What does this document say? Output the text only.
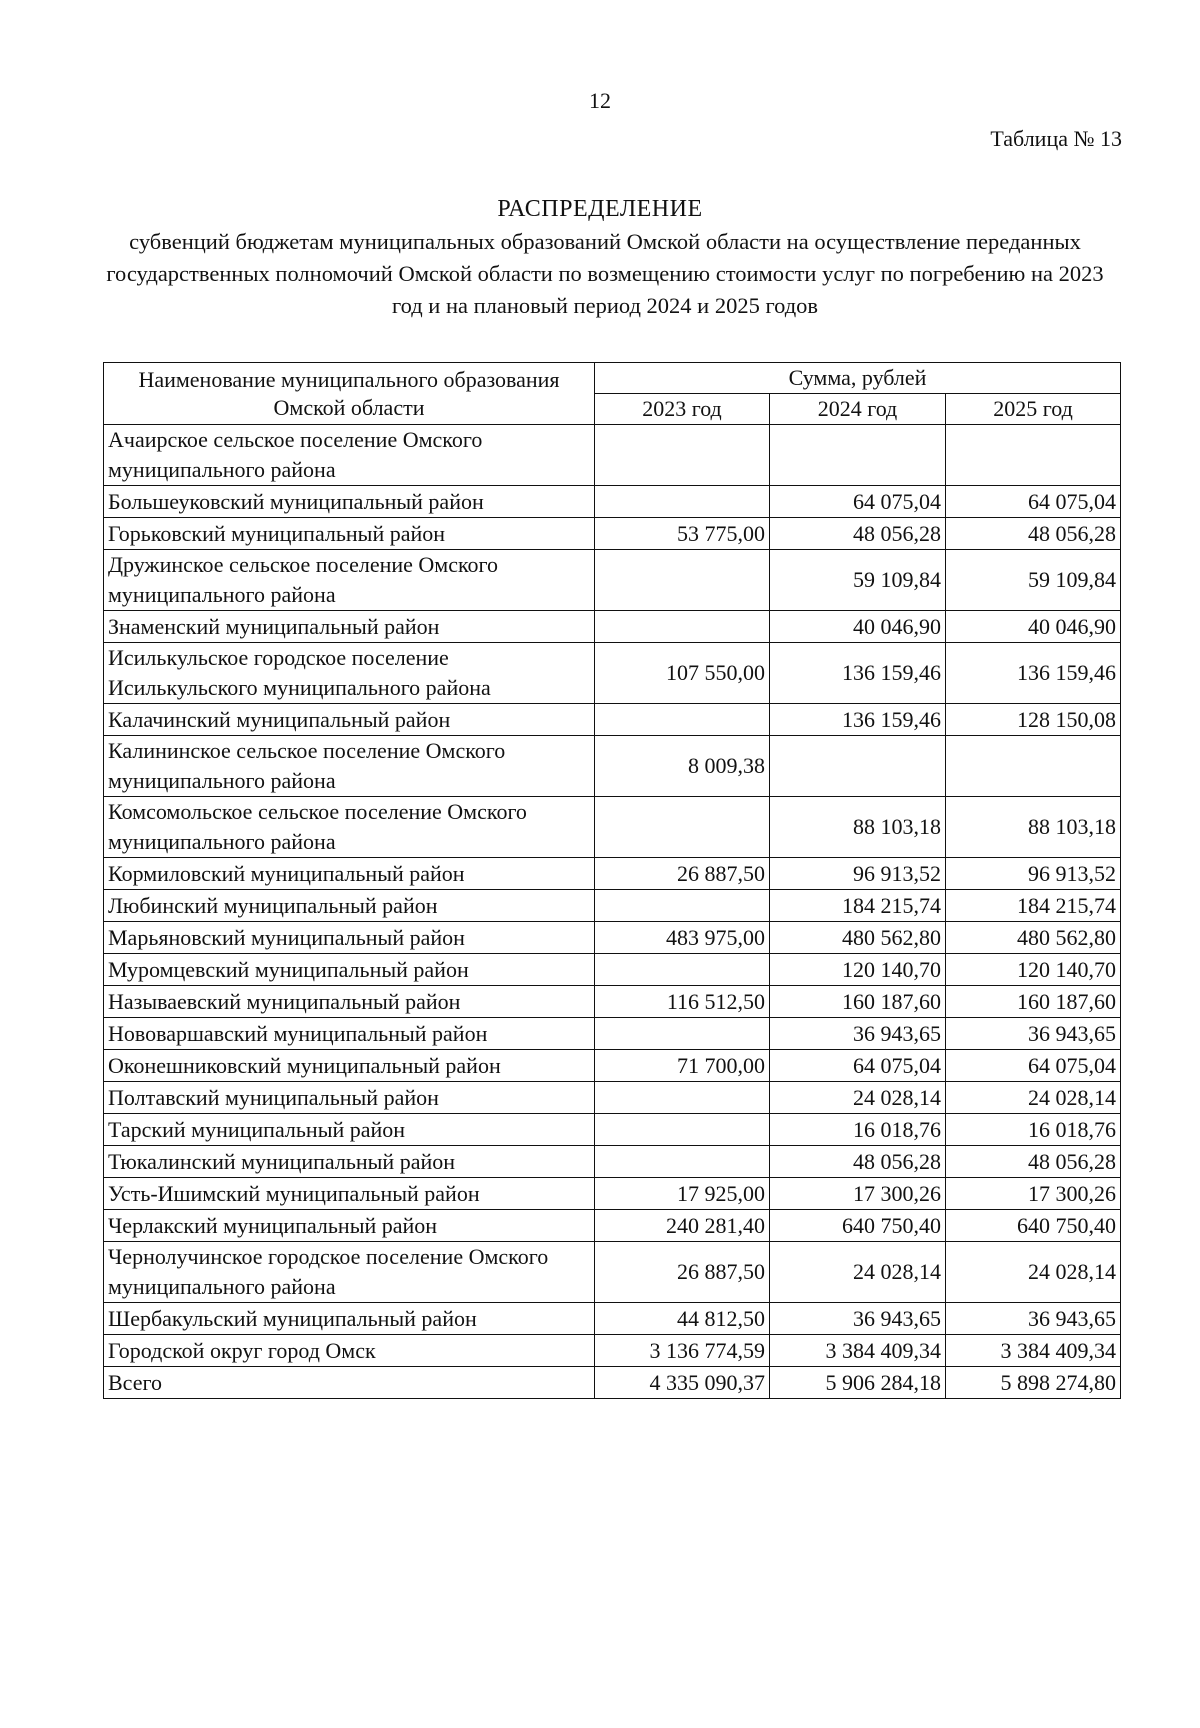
12
Таблица № 13
РАСПРЕДЕЛЕНИЕ
субвенций бюджетам муниципальных образований Омской области на осуществление переданных государственных полномочий Омской области по возмещению стоимости услуг по погребению на 2023 год и на плановый период 2024 и 2025 годов
Наименование муниципального образования Омской области	Сумма, рублей		
	2023 год	2024 год	2025 год
Ачаирское сельское поселение Омского муниципального района			
Большеуковский муниципальный район		64 075,04	64 075,04
Горьковский муниципальный район	53 775,00	48 056,28	48 056,28
Дружинское сельское поселение Омского муниципального района		59 109,84	59 109,84
Знаменский муниципальный район		40 046,90	40 046,90
Исилькульское городское поселение Исилькульского муниципального района	107 550,00	136 159,46	136 159,46
Калачинский муниципальный район		136 159,46	128 150,08
Калининское сельское поселение Омского муниципального района	8 009,38		
Комсомольское сельское поселение Омского муниципального района		88 103,18	88 103,18
Кормиловский муниципальный район	26 887,50	96 913,52	96 913,52
Любинский муниципальный район		184 215,74	184 215,74
Марьяновский муниципальный район	483 975,00	480 562,80	480 562,80
Муромцевский муниципальный район		120 140,70	120 140,70
Называевский муниципальный район	116 512,50	160 187,60	160 187,60
Нововаршавский муниципальный район		36 943,65	36 943,65
Оконешниковский муниципальный район	71 700,00	64 075,04	64 075,04
Полтавский муниципальный район		24 028,14	24 028,14
Тарский муниципальный район		16 018,76	16 018,76
Тюкалинский муниципальный район		48 056,28	48 056,28
Усть-Ишимский муниципальный район	17 925,00	17 300,26	17 300,26
Черлакский муниципальный район	240 281,40	640 750,40	640 750,40
Чернолучинское городское поселение Омского муниципального района	26 887,50	24 028,14	24 028,14
Шербакульский муниципальный район	44 812,50	36 943,65	36 943,65
Городской округ город Омск	3 136 774,59	3 384 409,34	3 384 409,34
Всего	4 335 090,37	5 906 284,18	5 898 274,80
